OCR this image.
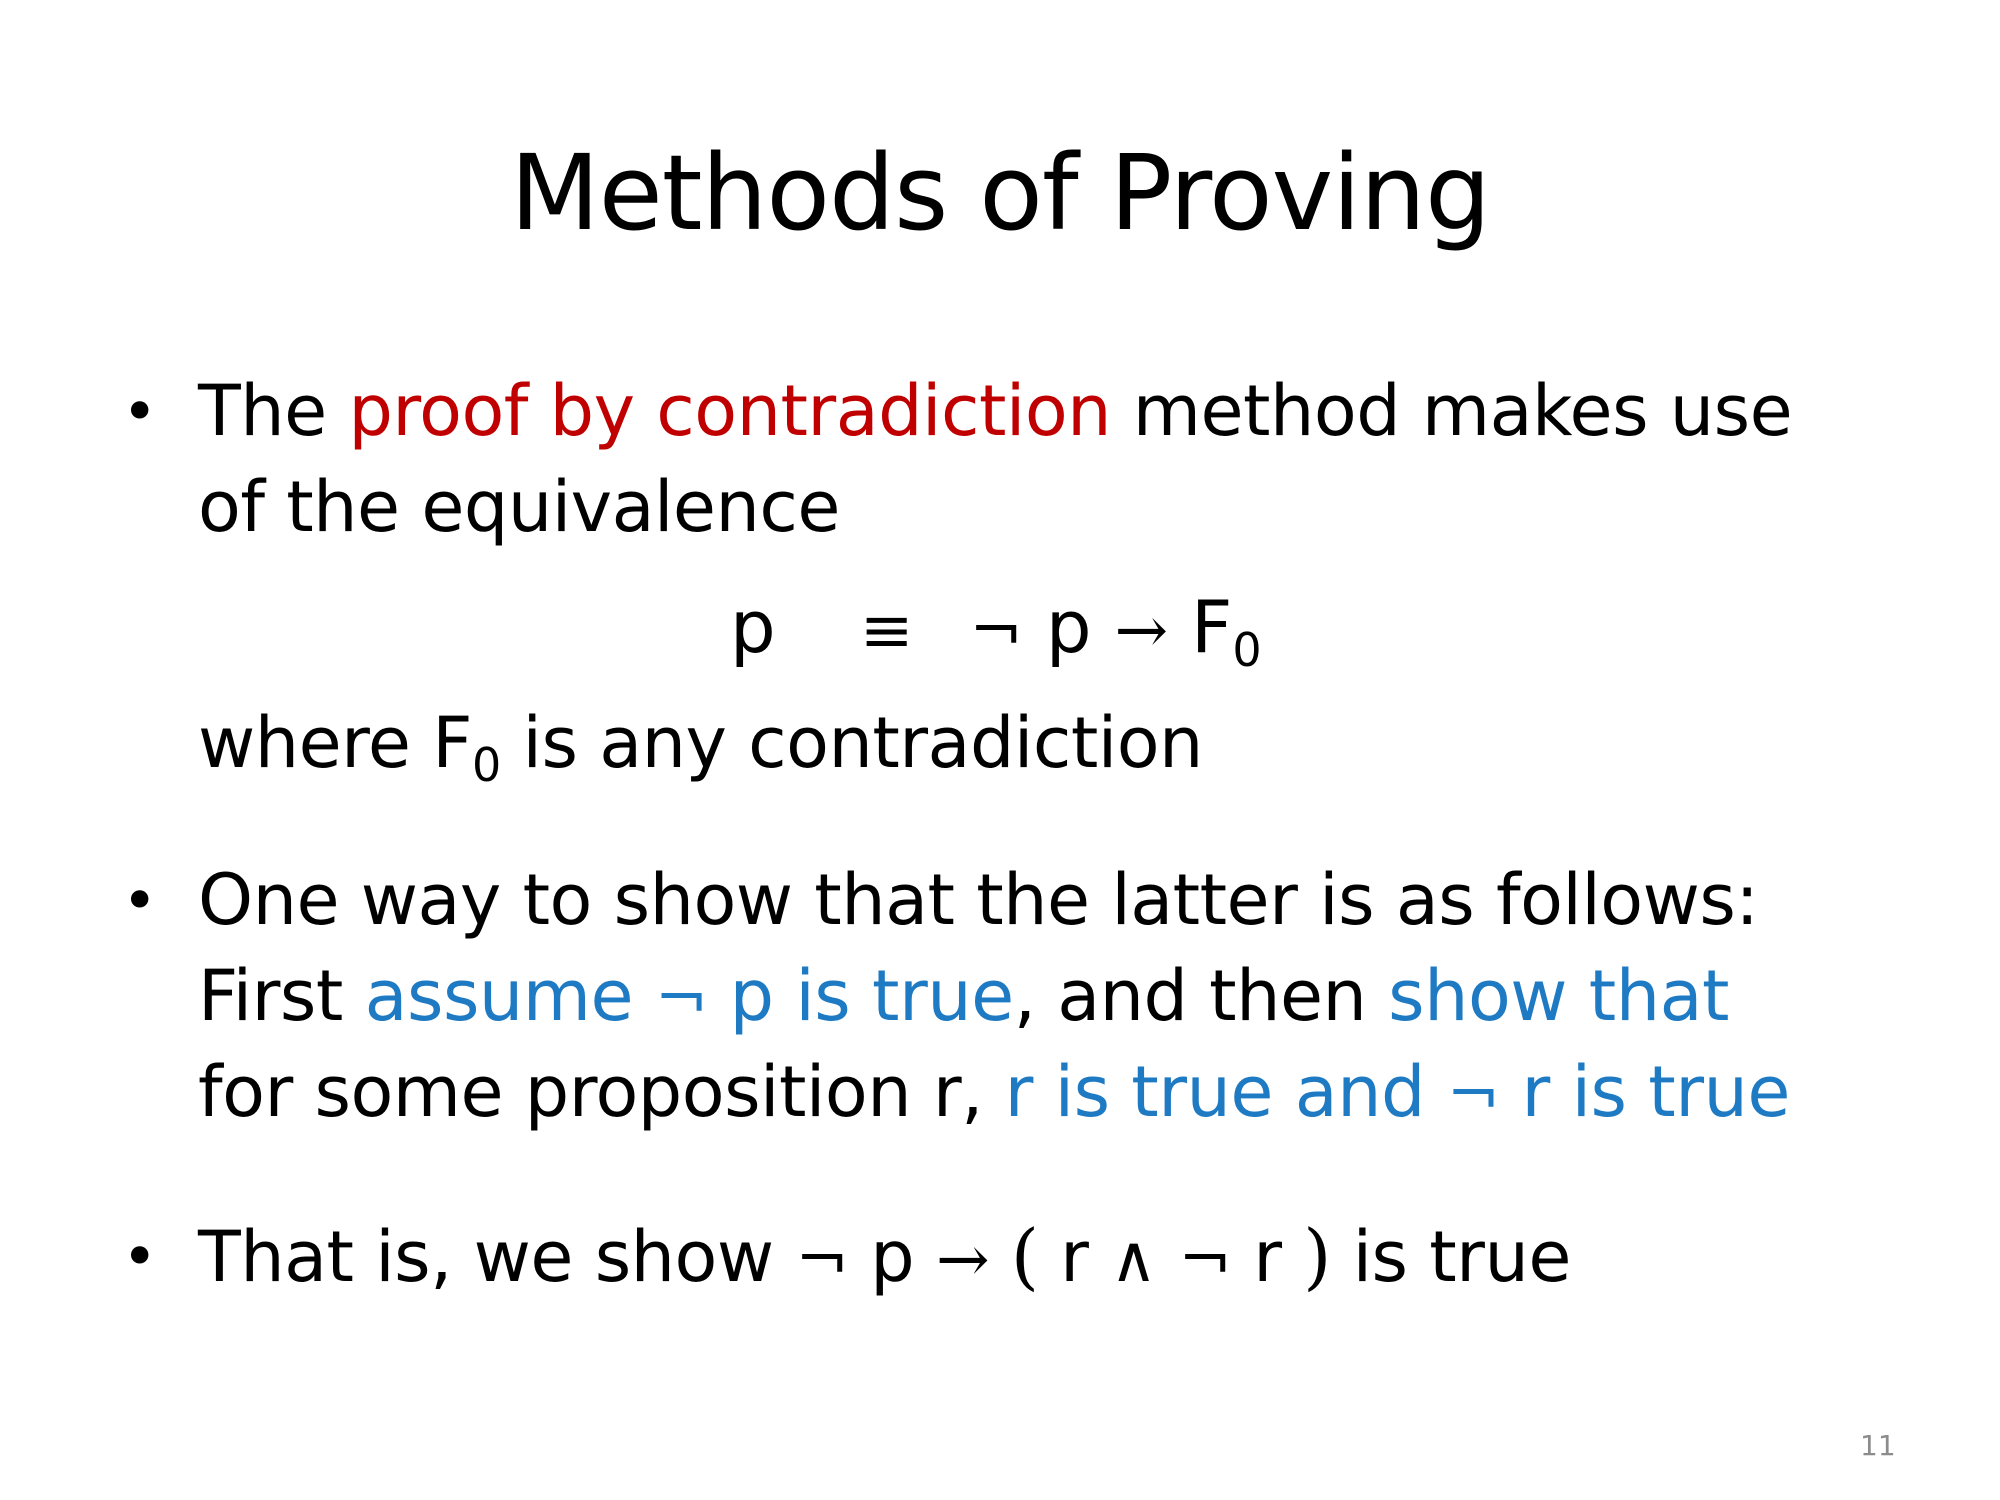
Methods of Proving
• The proof by contradiction method makes use
of the equivalence
p ≡ ¬ $p \to F_0$
where $F_0$ is any contradiction
• One way to show that the latter is as follows:
First assume ¬ p is true, and then show that
for some proposition r, r is true and ¬ r is true
• That is, we show ¬ p → ( r ∧ ¬ r ) is true
11
